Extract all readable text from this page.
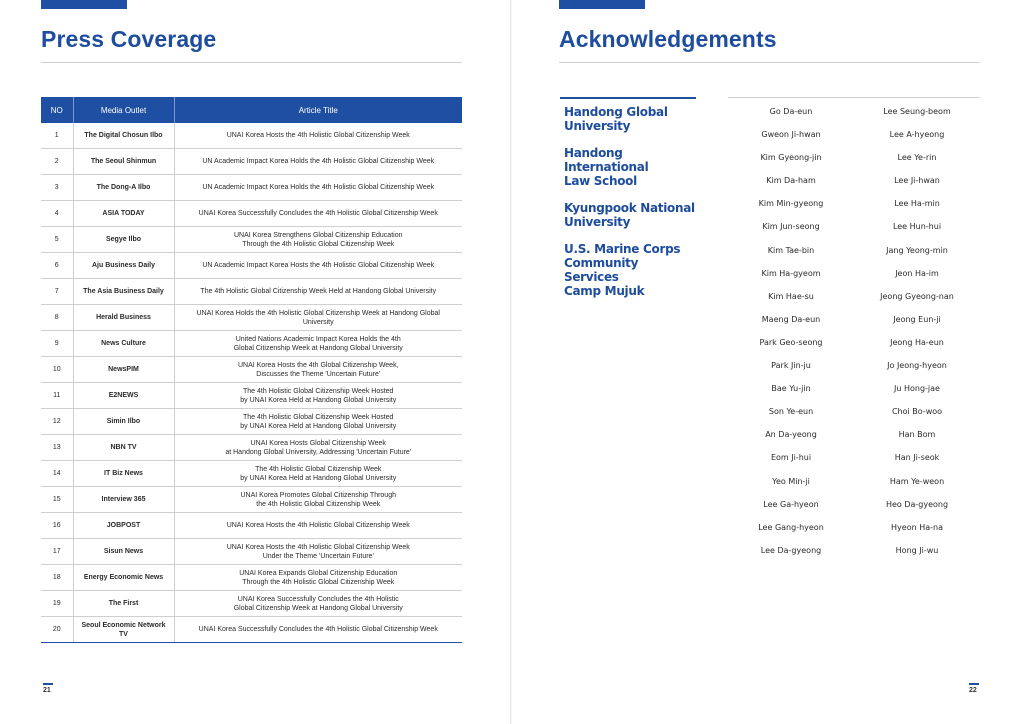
Press Coverage
NO	Media Outlet	Article Title
1	The Digital Chosun Ilbo	UNAI Korea Hosts the 4th Holistic Global Citizenship Week
2	The Seoul Shinmun	UN Academic Impact Korea Holds the 4th Holistic Global Citizenship Week
3	The Dong-A Ilbo	UN Academic Impact Korea Holds the 4th Holistic Global Citizenship Week
4	ASIA TODAY	UNAI Korea Successfully Concludes the 4th Holistic Global Citizenship Week
5	Segye Ilbo	UNAI Korea Strengthens Global Citizenship Education
Through the 4th Holistic Global Citizenship Week
6	Aju Business Daily	UN Academic Impact Korea Hosts the 4th Holistic Global Citizenship Week
7	The Asia Business Daily	The 4th Holistic Global Citizenship Week Held at Handong Global University
8	Herald Business	UNAI Korea Holds the 4th Holistic Global Citizenship Week at Handong Global
University
9	News Culture	United Nations Academic Impact Korea Holds the 4th
Global Citizenship Week at Handong Global University
10	NewsPIM	UNAI Korea Hosts the 4th Global Citizenship Week,
Discusses the Theme 'Uncertain Future'
11	E2NEWS	The 4th Holistic Global Citizenship Week Hosted
by UNAI Korea Held at Handong Global University
12	Simin Ilbo	The 4th Holistic Global Citizenship Week Hosted
by UNAI Korea Held at Handong Global University
13	NBN TV	UNAI Korea Hosts Global Citizenship Week
at Handong Global University, Addressing 'Uncertain Future'
14	IT Biz News	The 4th Holistic Global Citizenship Week
by UNAI Korea Held at Handong Global University
15	Interview 365	UNAI Korea Promotes Global Citizenship Through
the 4th Holistic Global Citizenship Week
16	JOBPOST	UNAI Korea Hosts the 4th Holistic Global Citizenship Week
17	Sisun News	UNAI Korea Hosts the 4th Holistic Global Citizenship Week
Under the Theme 'Uncertain Future'
18	Energy Economic News	UNAI Korea Expands Global Citizenship Education
Through the 4th Holistic Global Citizenship Week
19	The First	UNAI Korea Successfully Concludes the 4th Holistic
Global Citizenship Week at Handong Global University
20	Seoul Economic Network
TV	UNAI Korea Successfully Concludes the 4th Holistic Global Citizenship Week
21
Acknowledgements
Handong Global
University
Handong International
Law School
Kyungpook National
University
U.S. Marine Corps
Community Services
Camp Mujuk
Go Da-eun	Lee Seung-beom
Gweon Ji-hwan	Lee A-hyeong
Kim Gyeong-jin	Lee Ye-rin
Kim Da-ham	Lee Ji-hwan
Kim Min-gyeong	Lee Ha-min
Kim Jun-seong	Lee Hun-hui
Kim Tae-bin	Jang Yeong-min
Kim Ha-gyeom	Jeon Ha-im
Kim Hae-su	Jeong Gyeong-nan
Maeng Da-eun	Jeong Eun-ji
Park Geo-seong	Jeong Ha-eun
Park Jin-ju	Jo Jeong-hyeon
Bae Yu-jin	Ju Hong-jae
Son Ye-eun	Choi Bo-woo
An Da-yeong	Han Bom
Eom Ji-hui	Han Ji-seok
Yeo Min-ji	Ham Ye-weon
Lee Ga-hyeon	Heo Da-gyeong
Lee Gang-hyeon	Hyeon Ha-na
Lee Da-gyeong	Hong Ji-wu
22
